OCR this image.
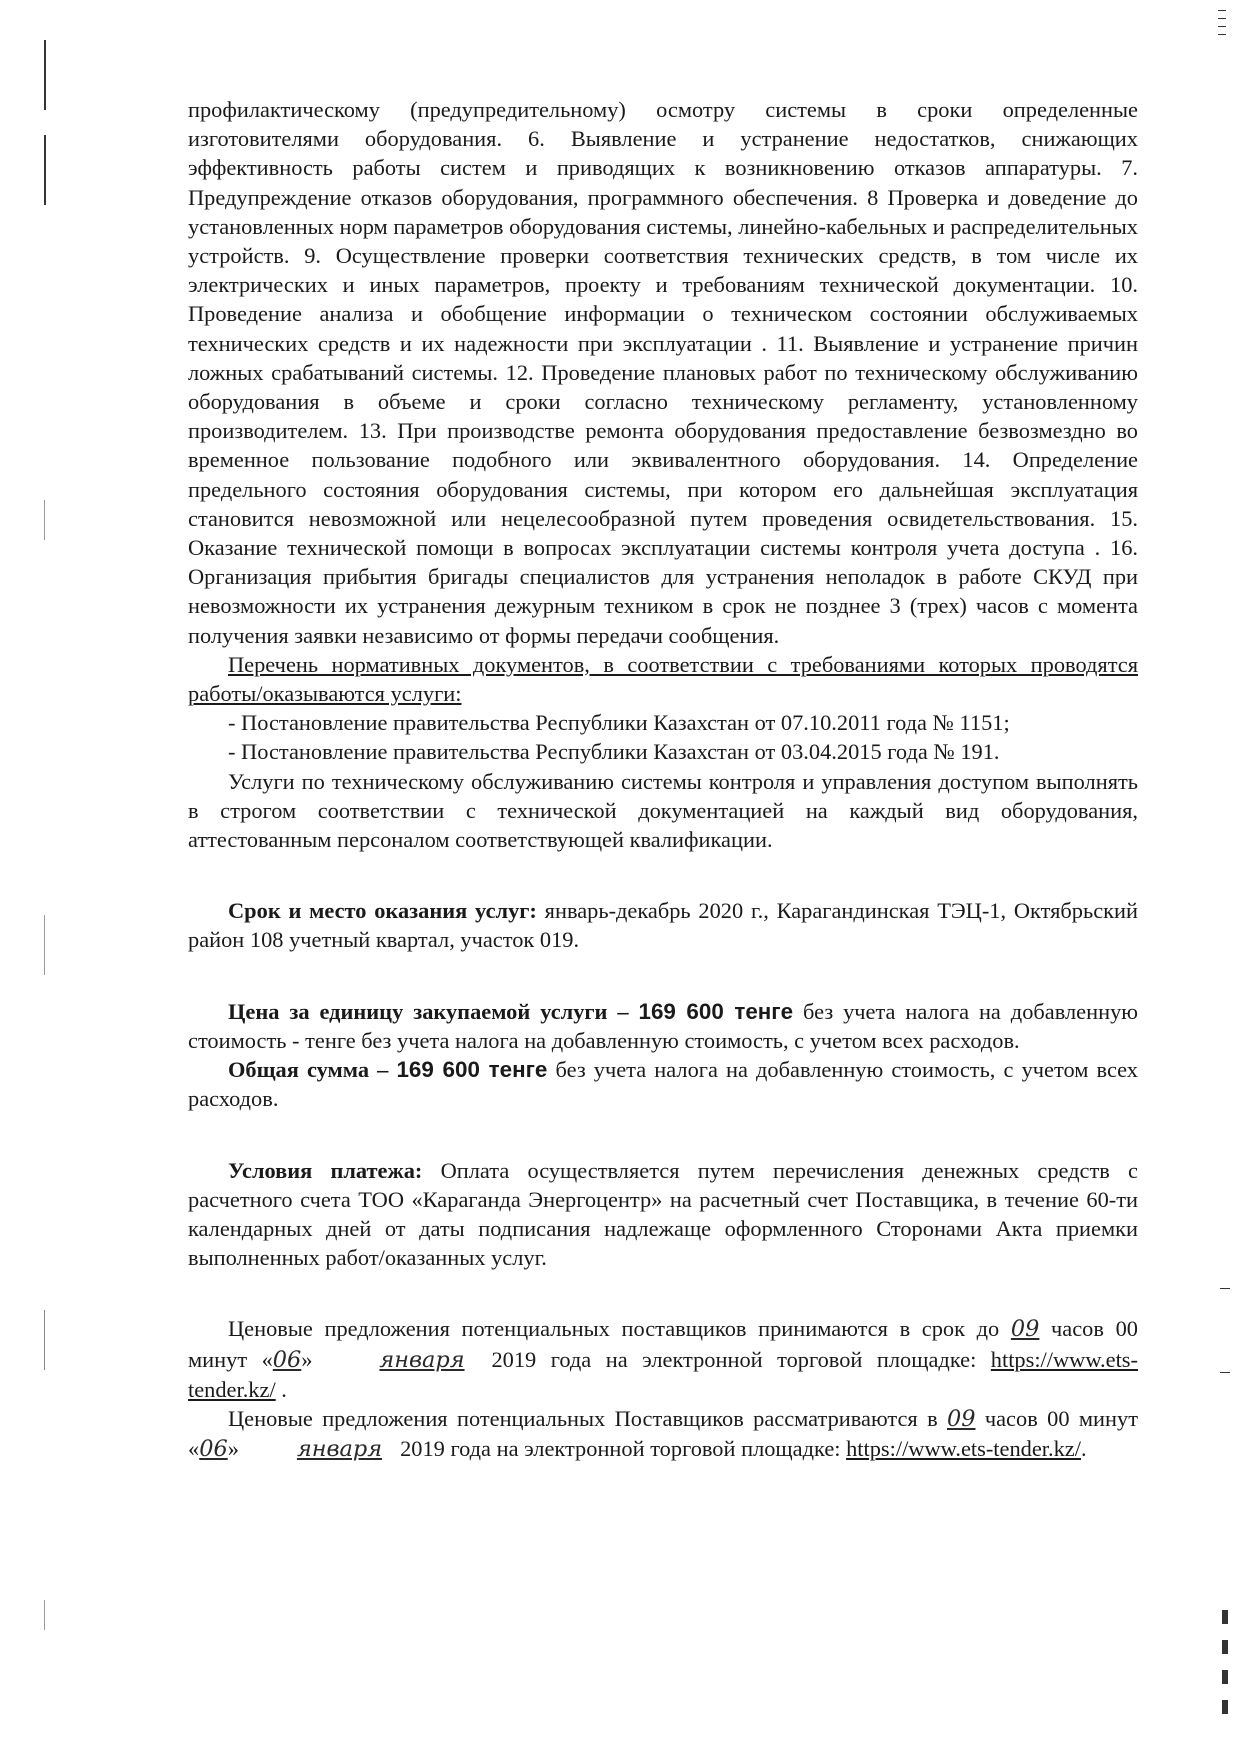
профилактическому (предупредительному) осмотру системы в сроки определенные изготовителями оборудования. 6. Выявление и устранение недостатков, снижающих эффективность работы систем и приводящих к возникновению отказов аппаратуры. 7. Предупреждение отказов оборудования, программного обеспечения. 8 Проверка и доведение до установленных норм параметров оборудования системы, линейно-кабельных и распределительных устройств. 9. Осуществление проверки соответствия технических средств, в том числе их электрических и иных параметров, проекту и требованиям технической документации. 10. Проведение анализа и обобщение информации о техническом состоянии обслуживаемых технических средств и их надежности при эксплуатации . 11. Выявление и устранение причин ложных срабатываний системы. 12. Проведение плановых работ по техническому обслуживанию оборудования в объеме и сроки согласно техническому регламенту, установленному производителем. 13. При производстве ремонта оборудования предоставление безвозмездно во временное пользование подобного или эквивалентного оборудования. 14. Определение предельного состояния оборудования системы, при котором его дальнейшая эксплуатация становится невозможной или нецелесообразной путем проведения освидетельствования. 15. Оказание технической помощи в вопросах эксплуатации системы контроля учета доступа . 16. Организация прибытия бригады специалистов для устранения неполадок в работе СКУД при невозможности их устранения дежурным техником в срок не позднее 3 (трех) часов с момента получения заявки независимо от формы передачи сообщения.

Перечень нормативных документов, в соответствии с требованиями которых проводятся работы/оказываются услуги:

- Постановление правительства Республики Казахстан от 07.10.2011 года № 1151;

- Постановление правительства Республики Казахстан от 03.04.2015 года № 191.

Услуги по техническому обслуживанию системы контроля и управления доступом выполнять в строгом соответствии с технической документацией на каждый вид оборудования, аттестованным персоналом соответствующей квалификации.

Срок и место оказания услуг: январь-декабрь 2020 г., Карагандинская ТЭЦ-1, Октябрьский район 108 учетный квартал, участок 019.

Цена за единицу закупаемой услуги – 169 600 тенге без учета налога на добавленную стоимость - тенге без учета налога на добавленную стоимость, с учетом всех расходов.

Общая сумма – 169 600 тенге без учета налога на добавленную стоимость, с учетом всех расходов.

Условия платежа: Оплата осуществляется путем перечисления денежных средств с расчетного счета ТОО «Караганда Энергоцентр» на расчетный счет Поставщика, в течение 60-ти календарных дней от даты подписания надлежаще оформленного Сторонами Акта приемки выполненных работ/оказанных услуг.

Ценовые предложения потенциальных поставщиков принимаются в срок до 09 часов 00 минут «06» января 2019 года на электронной торговой площадке: https://www.ets-tender.kz/ .

Ценовые предложения потенциальных Поставщиков рассматриваются в 09 часов 00 минут «06» января 2019 года на электронной торговой площадке: https://www.ets-tender.kz/.
